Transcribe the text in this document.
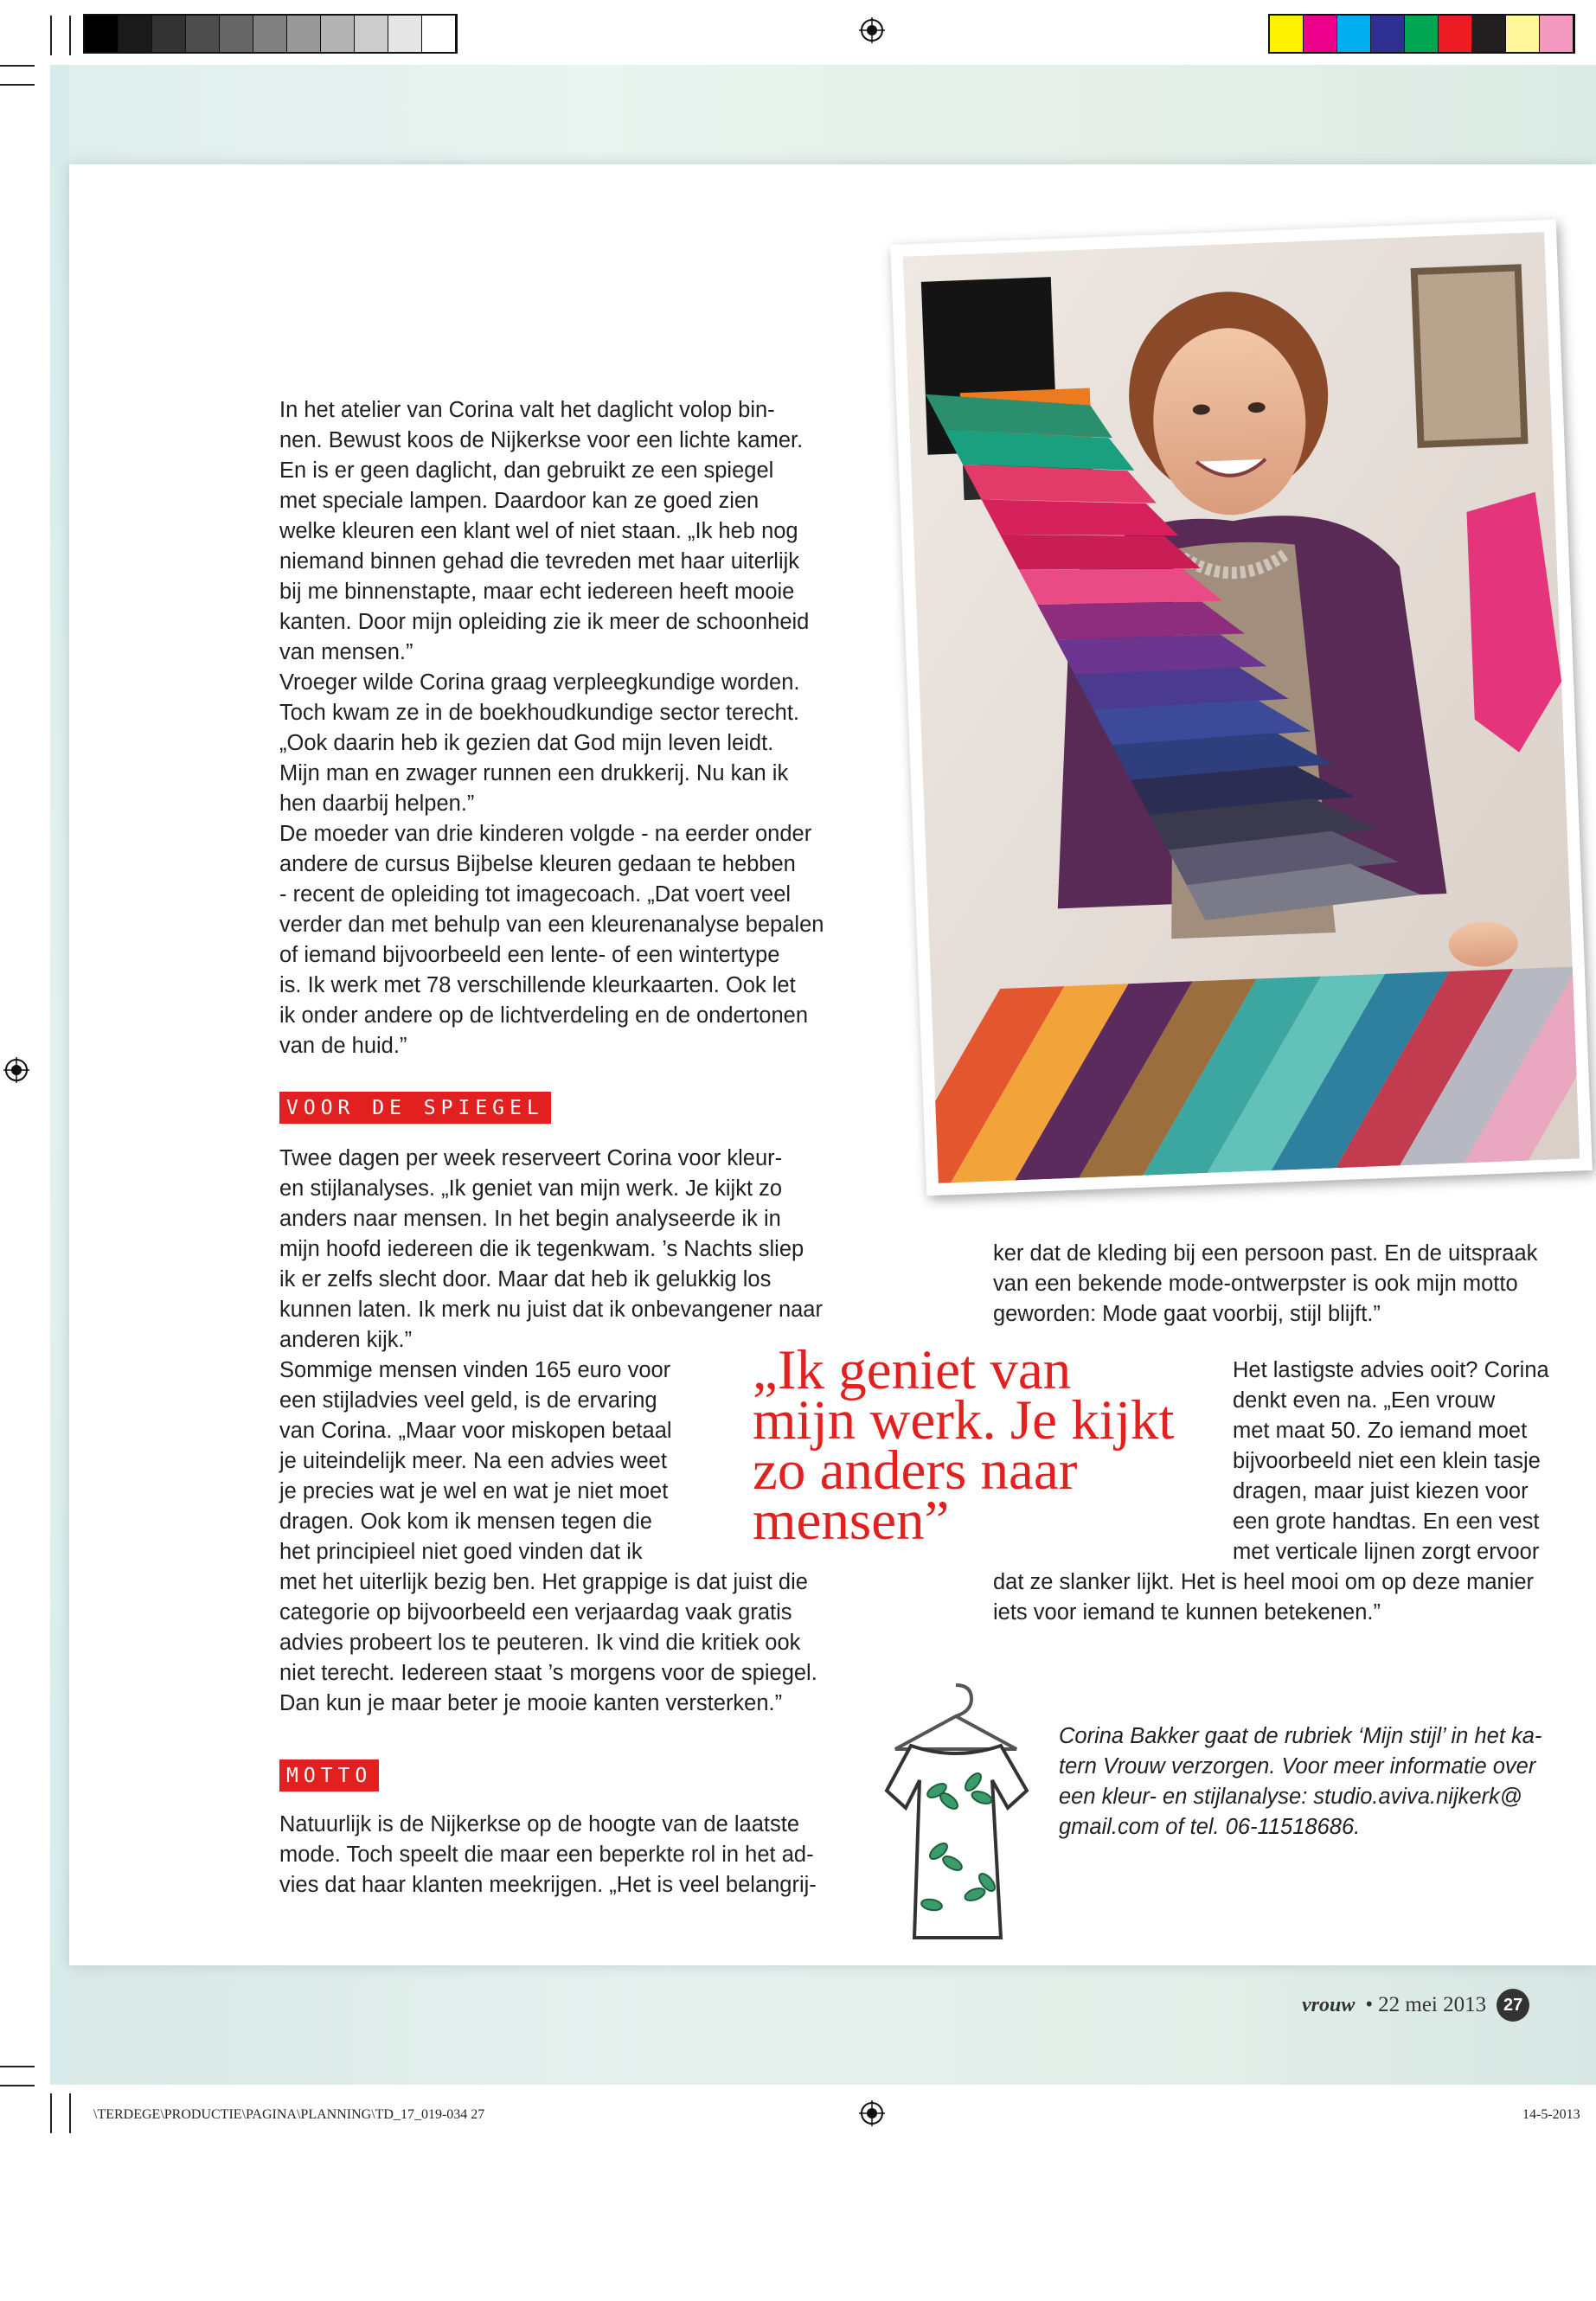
\TERDEGE\PRODUCTIE\PAGINA\PLANNING\TD_17_019-034 27	14-5-2013
In het atelier van Corina valt het daglicht volop bin-
nen. Bewust koos de Nijkerkse voor een lichte kamer.
En is er geen daglicht, dan gebruikt ze een spiegel
met speciale lampen. Daardoor kan ze goed zien
welke kleuren een klant wel of niet staan. „Ik heb nog
niemand binnen gehad die tevreden met haar uiterlijk
bij me binnenstapte, maar echt iedereen heeft mooie
kanten. Door mijn opleiding zie ik meer de schoonheid
van mensen.”
Vroeger wilde Corina graag verpleegkundige worden.
Toch kwam ze in de boekhoudkundige sector terecht.
„Ook daarin heb ik gezien dat God mijn leven leidt.
Mijn man en zwager runnen een drukkerij. Nu kan ik
hen daarbij helpen.”
De moeder van drie kinderen volgde - na eerder onder
andere de cursus Bijbelse kleuren gedaan te hebben
- recent de opleiding tot imagecoach. „Dat voert veel
verder dan met behulp van een kleurenanalyse bepalen
of iemand bijvoorbeeld een lente- of een wintertype
is. Ik werk met 78 verschillende kleurkaarten. Ook let
ik onder andere op de lichtverdeling en de ondertonen
van de huid.”
VOOR DE SPIEGEL
Twee dagen per week reserveert Corina voor kleur-
en stijlanalyses. „Ik geniet van mijn werk. Je kijkt zo
anders naar mensen. In het begin analyseerde ik in
mijn hoofd iedereen die ik tegenkwam. ’s Nachts sliep
ik er zelfs slecht door. Maar dat heb ik gelukkig los
kunnen laten. Ik merk nu juist dat ik onbevangener naar
anderen kijk.”
Sommige mensen vinden 165 euro voor
een stijladvies veel geld, is de ervaring
van Corina. „Maar voor miskopen betaal
je uiteindelijk meer. Na een advies weet
je precies wat je wel en wat je niet moet
dragen. Ook kom ik mensen tegen die
het principieel niet goed vinden dat ik
met het uiterlijk bezig ben. Het grappige is dat juist die
categorie op bijvoorbeeld een verjaardag vaak gratis
advies probeert los te peuteren. Ik vind die kritiek ook
niet terecht. Iedereen staat ’s morgens voor de spiegel.
Dan kun je maar beter je mooie kanten versterken.”
MOTTO
Natuurlijk is de Nijkerkse op de hoogte van de laatste
mode. Toch speelt die maar een beperkte rol in het ad-
vies dat haar klanten meekrijgen. „Het is veel belangrij-
ker dat de kleding bij een persoon past. En de uitspraak
van een bekende mode-ontwerpster is ook mijn motto
geworden: Mode gaat voorbij, stijl blijft.”
Het lastigste advies ooit? Corina
denkt even na. „Een vrouw
met maat 50. Zo iemand moet
bijvoorbeeld niet een klein tasje
dragen, maar juist kiezen voor
een grote handtas. En een vest
met verticale lijnen zorgt ervoor
dat ze slanker lijkt. Het is heel mooi om op deze manier
iets voor iemand te kunnen betekenen.”
„Ik geniet van
mijn werk. Je kijkt
zo anders naar
mensen”
Corina Bakker gaat de rubriek ‘Mijn stijl’ in het ka-
tern Vrouw verzorgen. Voor meer informatie over
een kleur- en stijlanalyse: studio.aviva.nijkerk@
gmail.com of tel. 06-11518686.
vrouw • 22 mei 2013 27
